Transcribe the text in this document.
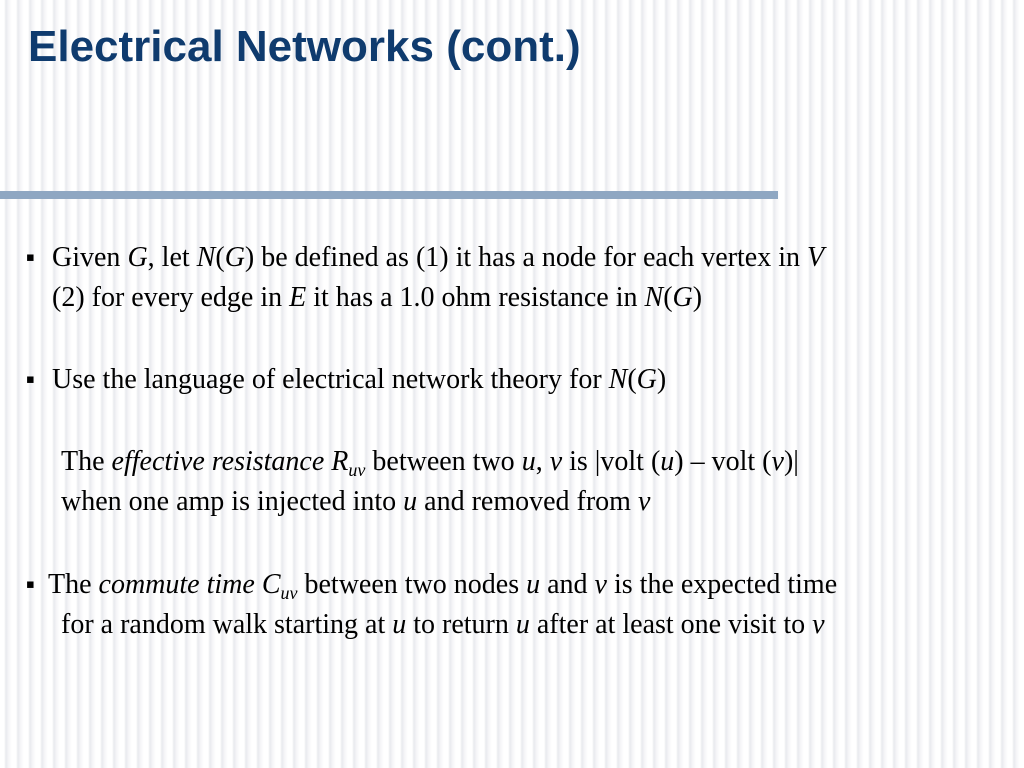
Electrical Networks (cont.)
▪ Given G, let N(G) be defined as (1) it has a node for each vertex in V
(2) for every edge in E it has a 1.0 ohm resistance in N(G)
▪ Use the language of electrical network theory for N(G)
The effective resistance $R_{uv}$ between two u, v is |volt (u) – volt (v)|
when one amp is injected into u and removed from v
▪ The commute time $C_{uv}$ between two nodes u and v is the expected time
for a random walk starting at u to return u after at least one visit to v
